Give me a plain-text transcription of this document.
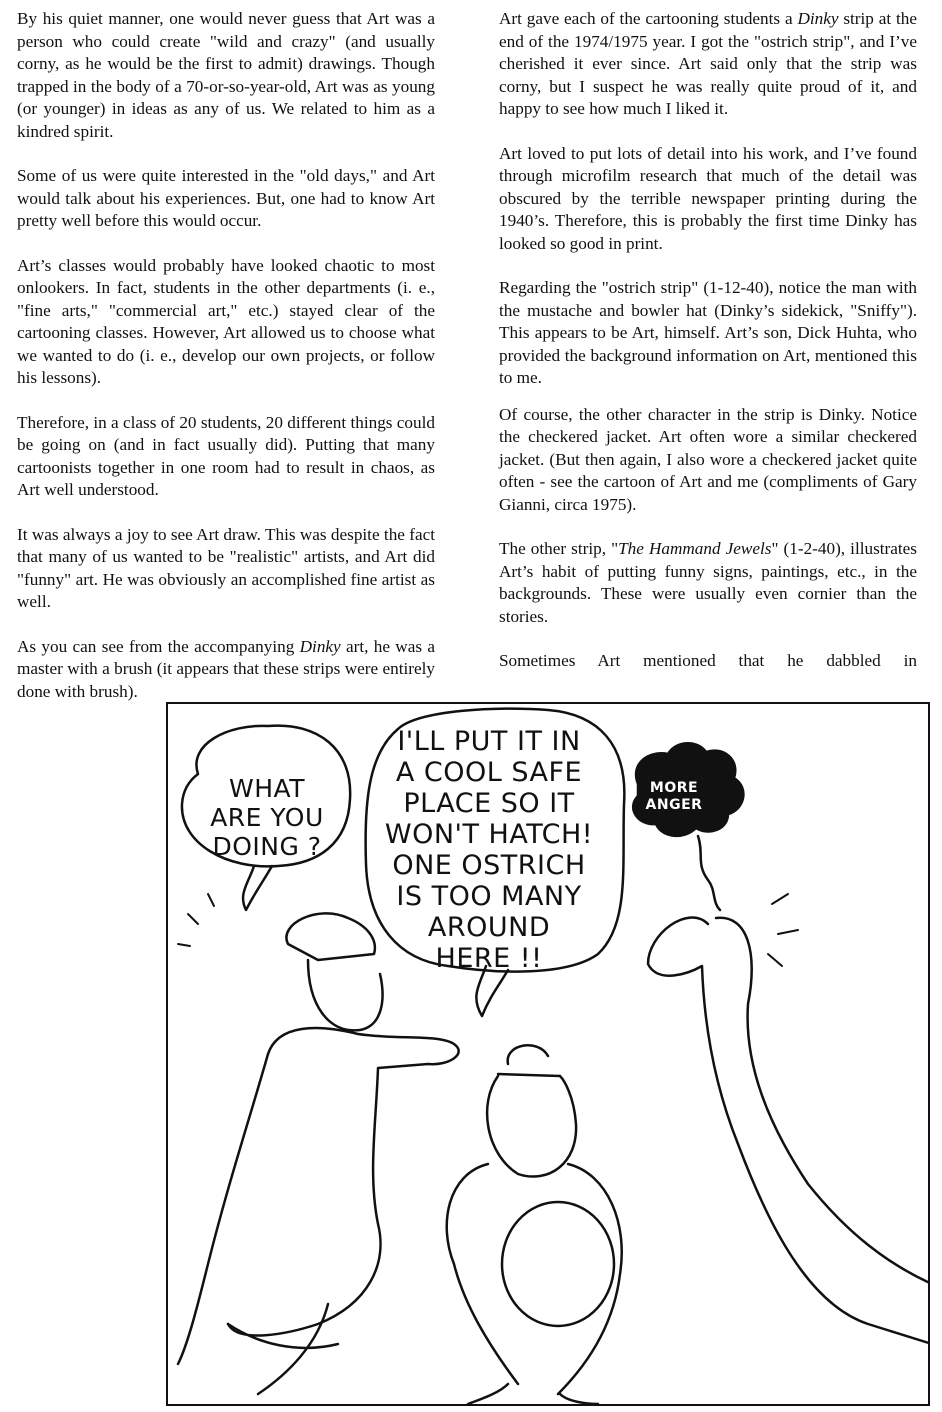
By his quiet manner, one would never guess that Art was a person who could create "wild and crazy" (and usually corny, as he would be the first to admit) drawings. Though trapped in the body of a 70-or-so-year-old, Art was as young (or younger) in ideas as any of us. We related to him as a kindred spirit.

Some of us were quite interested in the "old days," and Art would talk about his experiences. But, one had to know Art pretty well before this would occur.

Art’s classes would probably have looked chaotic to most onlookers. In fact, students in the other departments (i. e., "fine arts," "commercial art," etc.) stayed clear of the cartooning classes. However, Art allowed us to choose what we wanted to do (i. e., develop our own projects, or follow his lessons).

Therefore, in a class of 20 students, 20 different things could be going on (and in fact usually did). Putting that many cartoonists together in one room had to result in chaos, as Art well understood.

It was always a joy to see Art draw. This was despite the fact that many of us wanted to be "realistic" artists, and Art did "funny" art. He was obviously an accomplished fine artist as well.

As you can see from the accompanying Dinky art, he was a master with a brush (it appears that these strips were entirely done with brush).

Art gave each of the cartooning students a Dinky strip at the end of the 1974/1975 year. I got the "ostrich strip", and I’ve cherished it ever since. Art said only that the strip was corny, but I suspect he was really quite proud of it, and happy to see how much I liked it.

Art loved to put lots of detail into his work, and I’ve found through microfilm research that much of the detail was obscured by the terrible newspaper printing during the 1940’s. Therefore, this is probably the first time Dinky has looked so good in print.

Regarding the "ostrich strip" (1-12-40), notice the man with the mustache and bowler hat (Dinky’s sidekick, "Sniffy"). This appears to be Art, himself. Art’s son, Dick Huhta, who provided the background information on Art, mentioned this to me.

Of course, the other character in the strip is Dinky. Notice the checkered jacket. Art often wore a similar checkered jacket. (But then again, I also wore a checkered jacket quite often - see the cartoon of Art and me (compliments of Gary Gianni, circa 1975).

The other strip, "The Hammand Jewels" (1-2-40), illustrates Art’s habit of putting funny signs, paintings, etc., in the backgrounds. These were usually even cornier than the stories.

Sometimes Art mentioned that he dabbled in

WHAT
ARE YOU
DOING ?
I'LL PUT IT IN
A COOL SAFE
PLACE SO IT
WON'T HATCH!
ONE OSTRICH
IS TOO MANY
AROUND
HERE !!
MORE
ANGER
